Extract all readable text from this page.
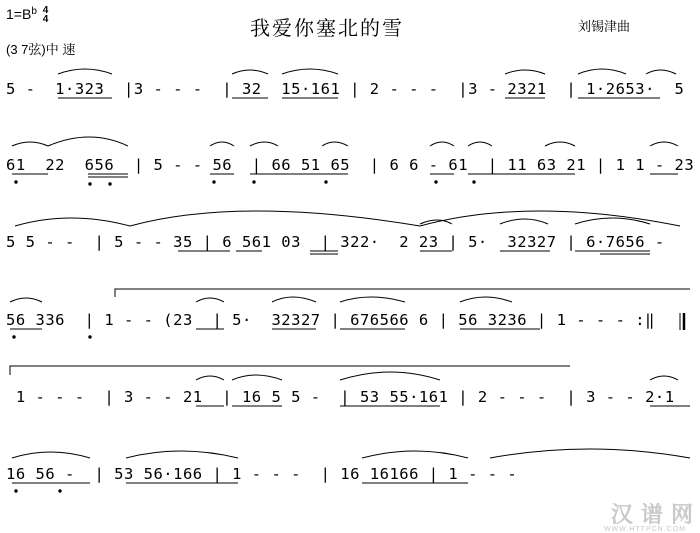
$1=B^b$ 4
4
(3 7弦)中 速
我爱你塞北的雪	刘锡津曲
5 -  1·323  |3 - - -  | 32  15·161 | 2 - - -  |3 - 2321  | 1·2653·  5
61  22  656  | 5 - - 56  | 66 51 65  | 6 6 - 61  | 11 63 21 | 1 1 - 23
5 5 - -  | 5 - - 35 | 6 561 03  | 322·  2 23 | 5·  32327 | 6·7656 -
56 336  | 1 - - (23  | 5·  32327 | 676566 6 | 56 3236 | 1 - - - :‖
1 - - -  | 3 - - 21  | 16 5 5 -  | 53 55·161 | 2 - - -  | 3 - - 2·1
16 56 -  | 53 56·166 | 1 - - -  | 16 16166 | 1 - - -
汉 谱 网
WWW.HTTPCN.COM
